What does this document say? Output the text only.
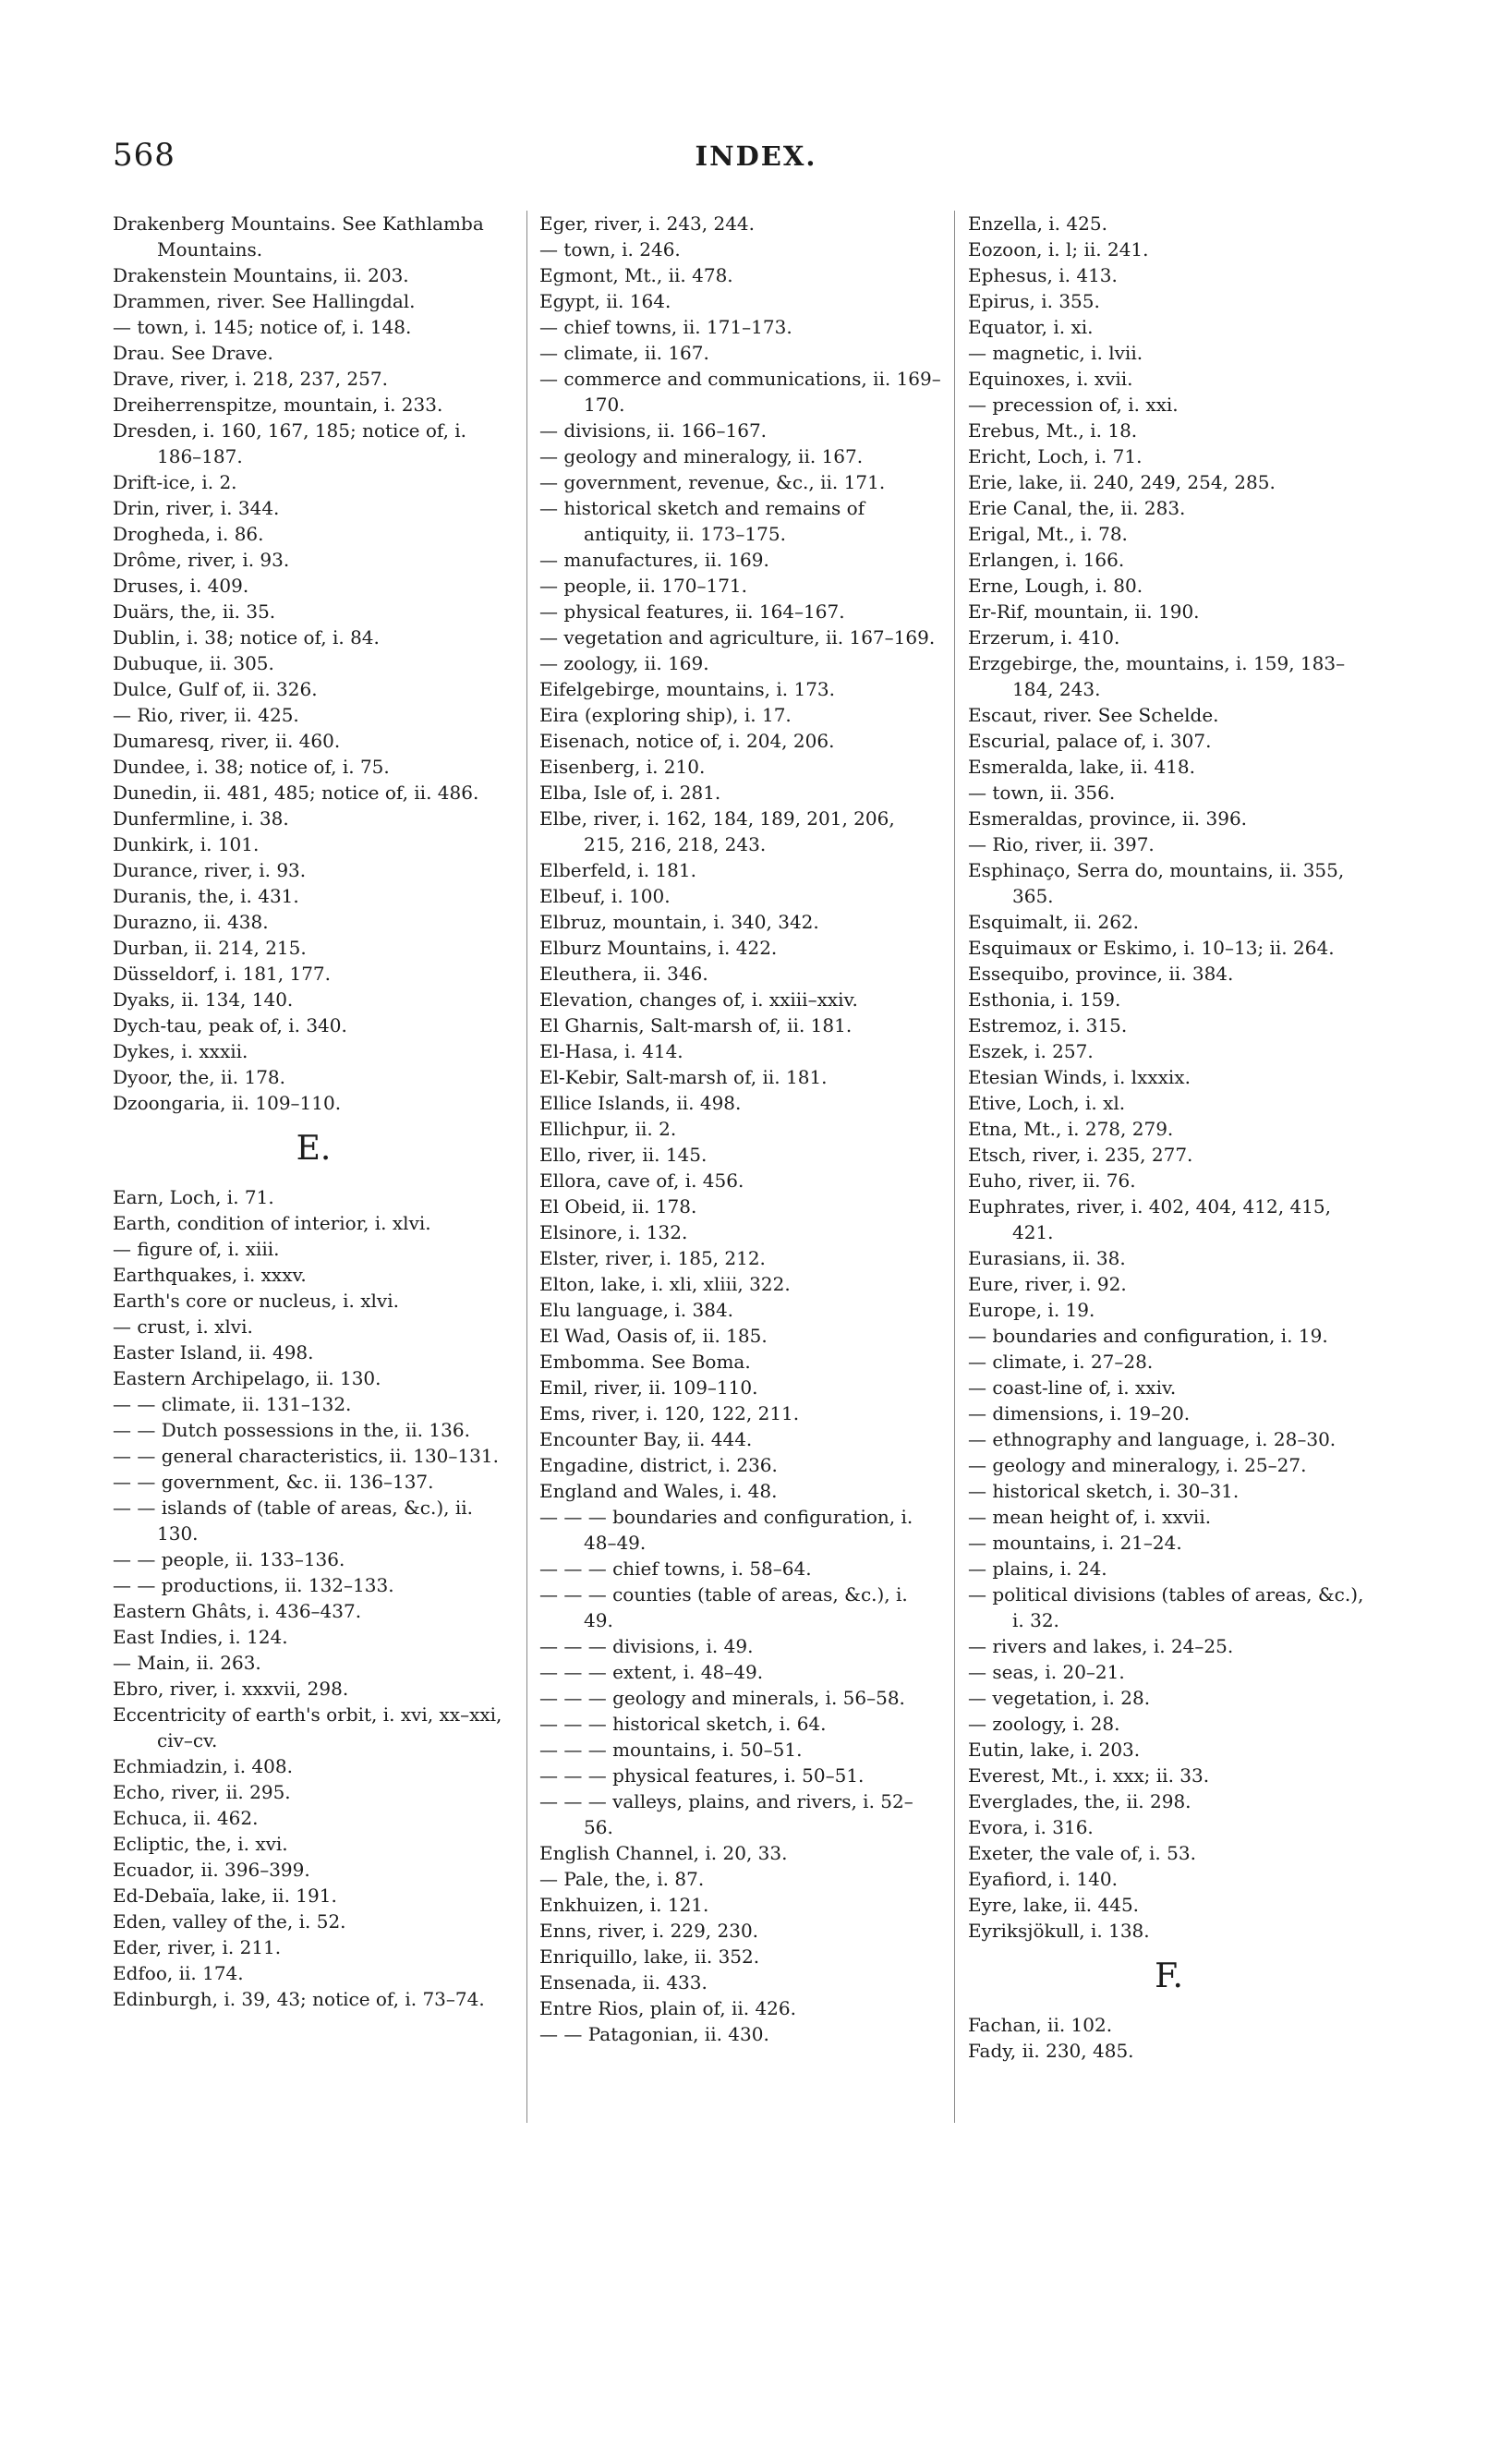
568	INDEX.
Drakenberg Mountains. See Kathlamba Mountains.
Drakenstein Mountains, ii. 203.
Drammen, river. See Hallingdal.
— town, i. 145; notice of, i. 148.
Drau. See Drave.
Drave, river, i. 218, 237, 257.
Dreiherrenspitze, mountain, i. 233.
Dresden, i. 160, 167, 185; notice of, i. 186–187.
Drift-ice, i. 2.
Drin, river, i. 344.
Drogheda, i. 86.
Drôme, river, i. 93.
Druses, i. 409.
Duärs, the, ii. 35.
Dublin, i. 38; notice of, i. 84.
Dubuque, ii. 305.
Dulce, Gulf of, ii. 326.
— Rio, river, ii. 425.
Dumaresq, river, ii. 460.
Dundee, i. 38; notice of, i. 75.
Dunedin, ii. 481, 485; notice of, ii. 486.
Dunfermline, i. 38.
Dunkirk, i. 101.
Durance, river, i. 93.
Duranis, the, i. 431.
Durazno, ii. 438.
Durban, ii. 214, 215.
Düsseldorf, i. 181, 177.
Dyaks, ii. 134, 140.
Dych-tau, peak of, i. 340.
Dykes, i. xxxii.
Dyoor, the, ii. 178.
Dzoongaria, ii. 109–110.
E.
Earn, Loch, i. 71.
Earth, condition of interior, i. xlvi.
— figure of, i. xiii.
Earthquakes, i. xxxv.
Earth's core or nucleus, i. xlvi.
— crust, i. xlvi.
Easter Island, ii. 498.
Eastern Archipelago, ii. 130.
— — climate, ii. 131–132.
— — Dutch possessions in the, ii. 136.
— — general characteristics, ii. 130–131.
— — government, &c. ii. 136–137.
— — islands of (table of areas, &c.), ii. 130.
— — people, ii. 133–136.
— — productions, ii. 132–133.
Eastern Ghâts, i. 436–437.
East Indies, i. 124.
— Main, ii. 263.
Ebro, river, i. xxxvii, 298.
Eccentricity of earth's orbit, i. xvi, xx–xxi, civ–cv.
Echmiadzin, i. 408.
Echo, river, ii. 295.
Echuca, ii. 462.
Ecliptic, the, i. xvi.
Ecuador, ii. 396–399.
Ed-Debaïa, lake, ii. 191.
Eden, valley of the, i. 52.
Eder, river, i. 211.
Edfoo, ii. 174.
Edinburgh, i. 39, 43; notice of, i. 73–74.
Eger, river, i. 243, 244.
— town, i. 246.
Egmont, Mt., ii. 478.
Egypt, ii. 164.
— chief towns, ii. 171–173.
— climate, ii. 167.
— commerce and communications, ii. 169–170.
— divisions, ii. 166–167.
— geology and mineralogy, ii. 167.
— government, revenue, &c., ii. 171.
— historical sketch and remains of antiquity, ii. 173–175.
— manufactures, ii. 169.
— people, ii. 170–171.
— physical features, ii. 164–167.
— vegetation and agriculture, ii. 167–169.
— zoology, ii. 169.
Eifelgebirge, mountains, i. 173.
Eira (exploring ship), i. 17.
Eisenach, notice of, i. 204, 206.
Eisenberg, i. 210.
Elba, Isle of, i. 281.
Elbe, river, i. 162, 184, 189, 201, 206, 215, 216, 218, 243.
Elberfeld, i. 181.
Elbeuf, i. 100.
Elbruz, mountain, i. 340, 342.
Elburz Mountains, i. 422.
Eleuthera, ii. 346.
Elevation, changes of, i. xxiii–xxiv.
El Gharnis, Salt-marsh of, ii. 181.
El-Hasa, i. 414.
El-Kebir, Salt-marsh of, ii. 181.
Ellice Islands, ii. 498.
Ellichpur, ii. 2.
Ello, river, ii. 145.
Ellora, cave of, i. 456.
El Obeid, ii. 178.
Elsinore, i. 132.
Elster, river, i. 185, 212.
Elton, lake, i. xli, xliii, 322.
Elu language, i. 384.
El Wad, Oasis of, ii. 185.
Embomma. See Boma.
Emil, river, ii. 109–110.
Ems, river, i. 120, 122, 211.
Encounter Bay, ii. 444.
Engadine, district, i. 236.
England and Wales, i. 48.
— — — boundaries and configuration, i. 48–49.
— — — chief towns, i. 58–64.
— — — counties (table of areas, &c.), i. 49.
— — — divisions, i. 49.
— — — extent, i. 48–49.
— — — geology and minerals, i. 56–58.
— — — historical sketch, i. 64.
— — — mountains, i. 50–51.
— — — physical features, i. 50–51.
— — — valleys, plains, and rivers, i. 52–56.
English Channel, i. 20, 33.
— Pale, the, i. 87.
Enkhuizen, i. 121.
Enns, river, i. 229, 230.
Enriquillo, lake, ii. 352.
Ensenada, ii. 433.
Entre Rios, plain of, ii. 426.
— — Patagonian, ii. 430.
Enzella, i. 425.
Eozoon, i. l; ii. 241.
Ephesus, i. 413.
Epirus, i. 355.
Equator, i. xi.
— magnetic, i. lvii.
Equinoxes, i. xvii.
— precession of, i. xxi.
Erebus, Mt., i. 18.
Ericht, Loch, i. 71.
Erie, lake, ii. 240, 249, 254, 285.
Erie Canal, the, ii. 283.
Erigal, Mt., i. 78.
Erlangen, i. 166.
Erne, Lough, i. 80.
Er-Rif, mountain, ii. 190.
Erzerum, i. 410.
Erzgebirge, the, mountains, i. 159, 183–184, 243.
Escaut, river. See Schelde.
Escurial, palace of, i. 307.
Esmeralda, lake, ii. 418.
— town, ii. 356.
Esmeraldas, province, ii. 396.
— Rio, river, ii. 397.
Esphinaço, Serra do, mountains, ii. 355, 365.
Esquimalt, ii. 262.
Esquimaux or Eskimo, i. 10–13; ii. 264.
Essequibo, province, ii. 384.
Esthonia, i. 159.
Estremoz, i. 315.
Eszek, i. 257.
Etesian Winds, i. lxxxix.
Etive, Loch, i. xl.
Etna, Mt., i. 278, 279.
Etsch, river, i. 235, 277.
Euho, river, ii. 76.
Euphrates, river, i. 402, 404, 412, 415, 421.
Eurasians, ii. 38.
Eure, river, i. 92.
Europe, i. 19.
— boundaries and configuration, i. 19.
— climate, i. 27–28.
— coast-line of, i. xxiv.
— dimensions, i. 19–20.
— ethnography and language, i. 28–30.
— geology and mineralogy, i. 25–27.
— historical sketch, i. 30–31.
— mean height of, i. xxvii.
— mountains, i. 21–24.
— plains, i. 24.
— political divisions (tables of areas, &c.), i. 32.
— rivers and lakes, i. 24–25.
— seas, i. 20–21.
— vegetation, i. 28.
— zoology, i. 28.
Eutin, lake, i. 203.
Everest, Mt., i. xxx; ii. 33.
Everglades, the, ii. 298.
Evora, i. 316.
Exeter, the vale of, i. 53.
Eyafiord, i. 140.
Eyre, lake, ii. 445.
Eyriksjökull, i. 138.
F.
Fachan, ii. 102.
Fady, ii. 230, 485.
